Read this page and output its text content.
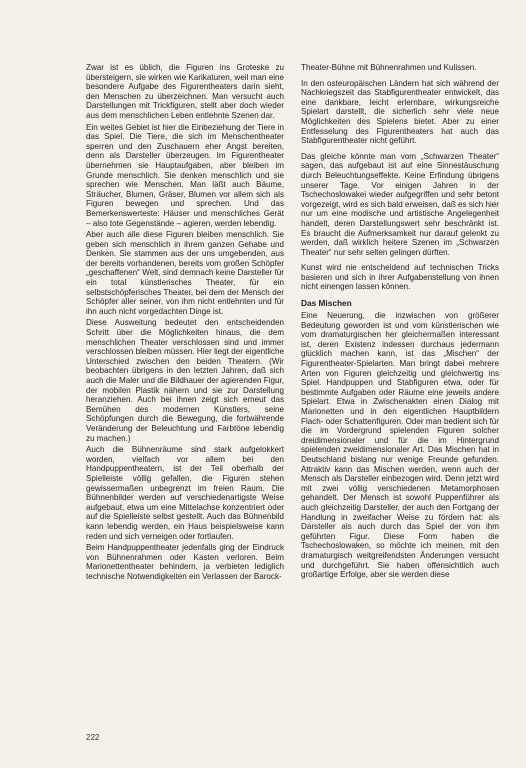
Zwar ist es üblich, die Figuren ins Groteske zu übersteigern, sie wirken wie Karikaturen, weil man eine besondere Aufgabe des Figurentheaters darin sieht, den Menschen zu überzeichnen. Man versucht auch Darstellungen mit Trickfiguren, stellt aber doch wieder aus dem menschlichen Leben entlehnte Szenen dar.

Ein weites Gebiet ist hier die Einbeziehung der Tiere in das Spiel. Die Tiere, die sich im Menschentheater sperren und den Zuschauern eher Angst bereiten, denn als Darsteller überzeugen. Im Figurentheater übernehmen sie Hauptaufgaben, aber bleiben im Grunde menschlich. Sie denken menschlich und sie sprechen wie Menschen. Man läßt auch Bäume, Sträucher, Blumen, Gräser, Blumen vor allem sich als Figuren bewegen und sprechen. Und das Bemerkenswerteste: Häuser und menschliches Gerät – also tote Gegenstände – agieren, werden lebendig.

Aber auch alle diese Figuren bleiben menschlich. Sie geben sich menschlich in ihrem ganzen Gehabe und Denken. Sie stammen aus der uns umgebenden, aus der bereits vorhandenen, bereits vom großen Schöpfer „geschaffenen“ Welt, sind demnach keine Darsteller für ein total künstlerisches Theater, für ein selbstschöpferisches Theater, bei dem der Mensch der Schöpfer aller seiner, von ihm nicht entlehnten und für ihn auch nicht vorgedachten Dinge ist.

Diese Ausweitung bedeutet den entscheidenden Schritt über die Möglichkeiten hinaus, die dem menschlichen Theater verschlossen sind und immer verschlossen bleiben müssen. Hier liegt der eigentliche Unterschied zwischen den beiden Theatern. (Wir beobachten übrigens in den letzten Jahren, daß sich auch die Maler und die Bildhauer der agierenden Figur, der mobilen Plastik nähern und sie zur Darstellung heranziehen. Auch bei ihnen zeigt sich erneut das Bemühen des modernen Künstlers, seine Schöpfungen durch die Bewegung, die fortwährende Veränderung der Beleuchtung und Farbtöne lebendig zu machen.)

Auch die Bühnenräume sind stark aufgelokkert worden, vielfach vor allem bei den Handpuppentheatern, ist der Teil oberhalb der Spielleiste völlig gefallen, die Figuren stehen gewissermaßen unbegrenzt im freien Raum. Die Bühnenbilder werden auf verschiedenartigste Weise aufgebaut, etwa um eine Mittelachse konzentriert oder auf die Spielleiste selbst gestellt. Auch das Bühnenbild kann lebendig werden, ein Haus beispielsweise kann reden und sich verneigen oder fortlaufen.

Beim Handpuppentheater jedenfalls ging der Eindruck von Bühnenrahmen oder Kasten verloren. Beim Marionettentheater behindern, ja verbieten lediglich technische Notwendigkeiten ein Verlassen der Barock-

Theater-Bühne mit Bühnenrahmen und Kulissen.

In den osteuropäischen Ländern hat sich während der Nachkriegszeit das Stabfigurentheater entwickelt, das eine dankbare, leicht erlernbare, wirkungsreiche Spielart darstellt, die sicherlich sehr viele neue Möglichkeiten des Spielens bietet. Aber zu einer Entfesselung des Figurentheaters hat auch das Stabfigurentheater nicht geführt.

Das gleiche könnte man vom „Schwarzen Theater“ sagen, das aufgebaut ist auf eine Sinnestäuschung durch Beleuchtungseffekte. Keine Erfindung übrigens unserer Tage. Vor einigen Jahren in der Tschechoslowakei wieder aufgegriffen und sehr betont vorgezeigt, wird es sich bald erweisen, daß es sich hier nur um eine modische und artistische Angelegenheit handelt, deren Darstellungswert sehr beschränkt ist. Es braucht die Aufmerksamkeit nur darauf gelenkt zu werden, daß wirklich heitere Szenen im „Schwarzen Theater“ nur sehr selten gelingen dürften.

Kunst wird nie entscheidend auf technischen Tricks basieren und sich in ihrer Aufgabenstellung von ihnen nicht einengen lassen können.

Das Mischen

Eine Neuerung, die inzwischen von größerer Bedeutung geworden ist und vom künstlerischen wie vom dramaturgischen her gleichermaßen interessant ist, deren Existenz indessen durchaus jedermann glücklich machen kann, ist das „Mischen“ der Figurentheater-Spielarten. Man bringt dabei mehrere Arten von Figuren gleichzeitig und gleichwertig ins Spiel. Handpuppen und Stabfiguren etwa, oder für bestimmte Aufgaben oder Räume eine jeweils andere Spielart. Etwa in Zwischenakten einen Dialog mit Marionetten und in den eigentlichen Hauptbildern Flach- oder Schattenfiguren. Oder man bedient sich für die im Vordergrund spielenden Figuren solcher dreidimensionaler und für die im Hintergrund spielenden zweidimensionaler Art. Das Mischen hat in Deutschland bislang nur wenige Freunde gefunden. Attraktiv kann das Mischen werden, wenn auch der Mensch als Darsteller einbezogen wird. Denn jetzt wird mit zwei völlig verschiedenen Metamorphosen gehandelt. Der Mensch ist sowohl Puppenführer als auch gleichzeitig Darsteller, der auch den Fortgang der Handlung in zweifacher Weise zu fördern hat: als Darsteller als auch durch das Spiel der von ihm geführten Figur. Diese Form haben die Tschechoslowaken, so möchte ich meinen, mit den dramaturgisch weitgreifendsten Änderungen versucht und durchgeführt. Sie haben offensichtlich auch großartige Erfolge, aber sie werden diese

222
